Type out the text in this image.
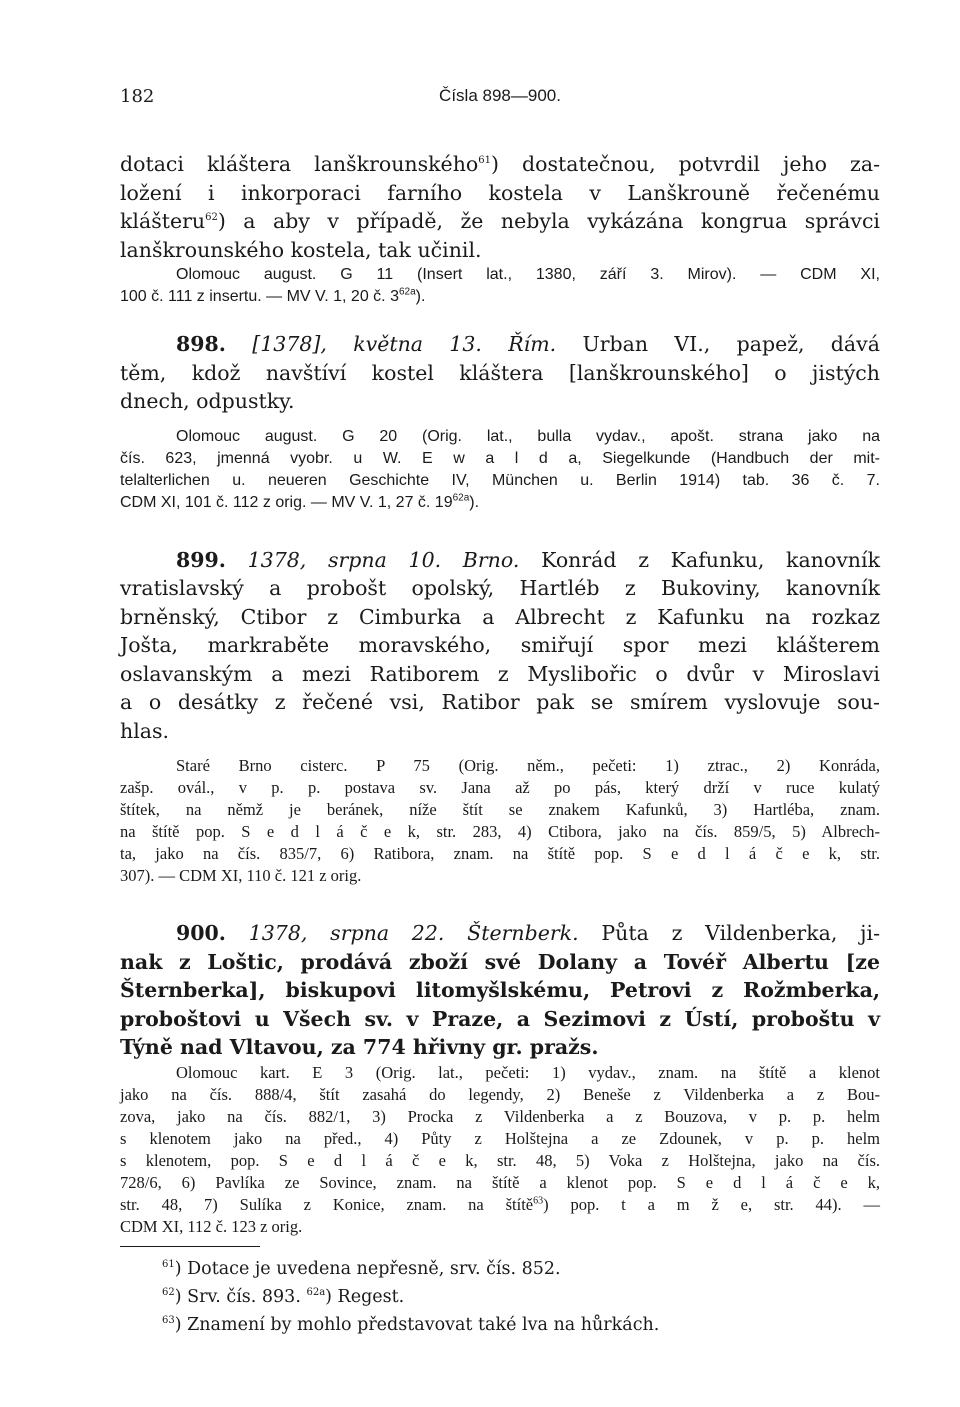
182	Čísla 898—900.
dotaci kláštera lanškrounského$^{61}$) dostatečnou, potvrdil jeho za-
ložení i inkorporaci farního kostela v Lanškrouně řečenému
klášteru$^{62}$) a aby v případě, že nebyla vykázána kongrua správci
lanškrounského kostela, tak učinil.
Olomouc august. G 11 (Insert lat., 1380, září 3. Mirov). — CDM XI,
100 č. 111 z insertu. — MV V. 1, 20 č. $3^{62a}$).
898. [1378], května 13. Řím. Urban VI., papež, dává
těm, kdož navštíví kostel kláštera [lanškrounského] o jistých
dnech, odpustky.
Olomouc august. G 20 (Orig. lat., bulla vydav., apošt. strana jako na
čís. 623, jmenná vyobr. u W. E w a l d a, Siegelkunde (Handbuch der mit-
telalterlichen u. neueren Geschichte IV, München u. Berlin 1914) tab. 36 č. 7.
CDM XI, 101 č. 112 z orig. — MV V. 1, 27 č. $19^{62a}$).
899. 1378, srpna 10. Brno. Konrád z Kafunku, kanovník
vratislavský a probošt opolský, Hartléb z Bukoviny, kanovník
brněnský, Ctibor z Cimburka a Albrecht z Kafunku na rozkaz
Jošta, markraběte moravského, smiřují spor mezi klášterem
oslavanským a mezi Ratiborem z Myslibořic o dvůr v Miroslavi
a o desátky z řečené vsi, Ratibor pak se smírem vyslovuje sou-
hlas.
Staré Brno cisterc. P 75 (Orig. něm., pečeti: 1) ztrac., 2) Konráda,
zašp. ovál., v p. p. postava sv. Jana až po pás, který drží v ruce kulatý
štítek, na němž je beránek, níže štít se znakem Kafunků, 3) Hartléba, znam.
na štítě pop. S e d l á č e k, str. 283, 4) Ctibora, jako na čís. 859/5, 5) Albrech-
ta, jako na čís. 835/7, 6) Ratibora, znam. na štítě pop. S e d l á č e k, str.
307). — CDM XI, 110 č. 121 z orig.
900. 1378, srpna 22. Šternberk. Půta z Vildenberka, ji-
nak z Loštic, prodává zboží své Dolany a Tovéř Albertu [ze
Šternberka], biskupovi litomyšlskému, Petrovi z Rožmberka,
proboštovi u Všech sv. v Praze, a Sezimovi z Ústí, proboštu v
Týně nad Vltavou, za 774 hřivny gr. pražs.
Olomouc kart. E 3 (Orig. lat., pečeti: 1) vydav., znam. na štítě a klenot
jako na čís. 888/4, štít zasahá do legendy, 2) Beneše z Vildenberka a z Bou-
zova, jako na čís. 882/1, 3) Procka z Vildenberka a z Bouzova, v p. p. helm
s klenotem jako na před., 4) Půty z Holštejna a ze Zdounek, v p. p. helm
s klenotem, pop. S e d l á č e k, str. 48, 5) Voka z Holštejna, jako na čís.
728/6, 6) Pavlíka ze Sovince, znam. na štítě a klenot pop. S e d l á č e k,
str. 48, 7) Sulíka z Konice, znam. na štítě$^{63}$) pop. t a m ž e, str. 44). —
CDM XI, 112 č. 123 z orig.
$^{61}$) Dotace je uvedena nepřesně, srv. čís. 852.
$^{62}$) Srv. čís. 893. $^{62a}$) Regest.
$^{63}$) Znamení by mohlo představovat také lva na hůrkách.
